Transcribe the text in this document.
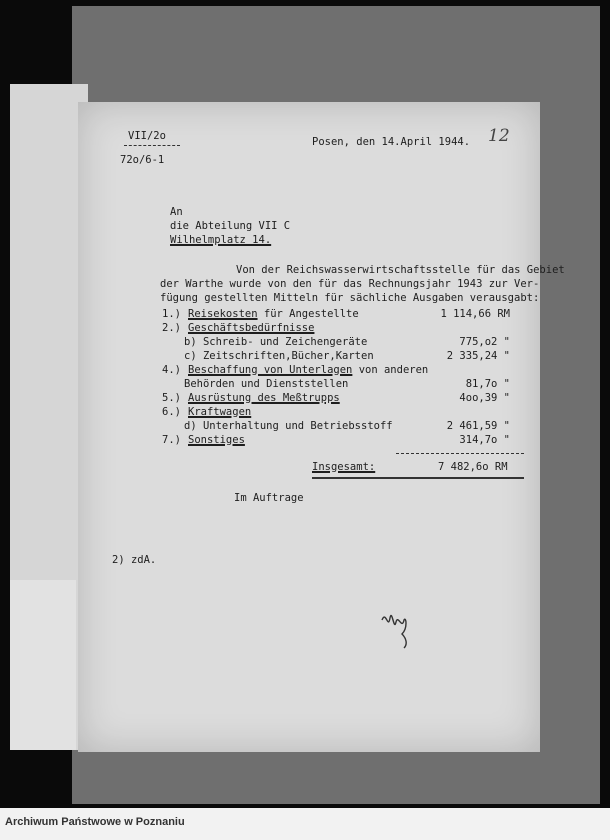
VII/2o
72o/6-1
Posen, den 14.April 1944. 12
An
die Abteilung VII C
Wilhelmplatz 14.
Von der Reichswasserwirtschaftsstelle für das Gebiet
der Warthe wurde von den für das Rechnungsjahr 1943 zur Ver-
fügung gestellten Mitteln für sächliche Ausgaben verausgabt:
1.) Reisekosten für Angestellte	1 114,66 RM
2.) Geschäftsbedürfnisse
b) Schreib- und Zeichengeräte	775,o2 "
c) Zeitschriften,Bücher,Karten	2 335,24 "
4.) Beschaffung von Unterlagen von anderen
Behörden und Dienststellen	81,7o "
5.) Ausrüstung des Meßtrupps	4oo,39 "
6.) Kraftwagen
d) Unterhaltung und Betriebsstoff	2 461,59 "
7.) Sonstiges	314,7o "
Insgesamt:	7 482,6o RM
Im Auftrage
2) zdA.
Archiwum Państwowe w Poznaniu
